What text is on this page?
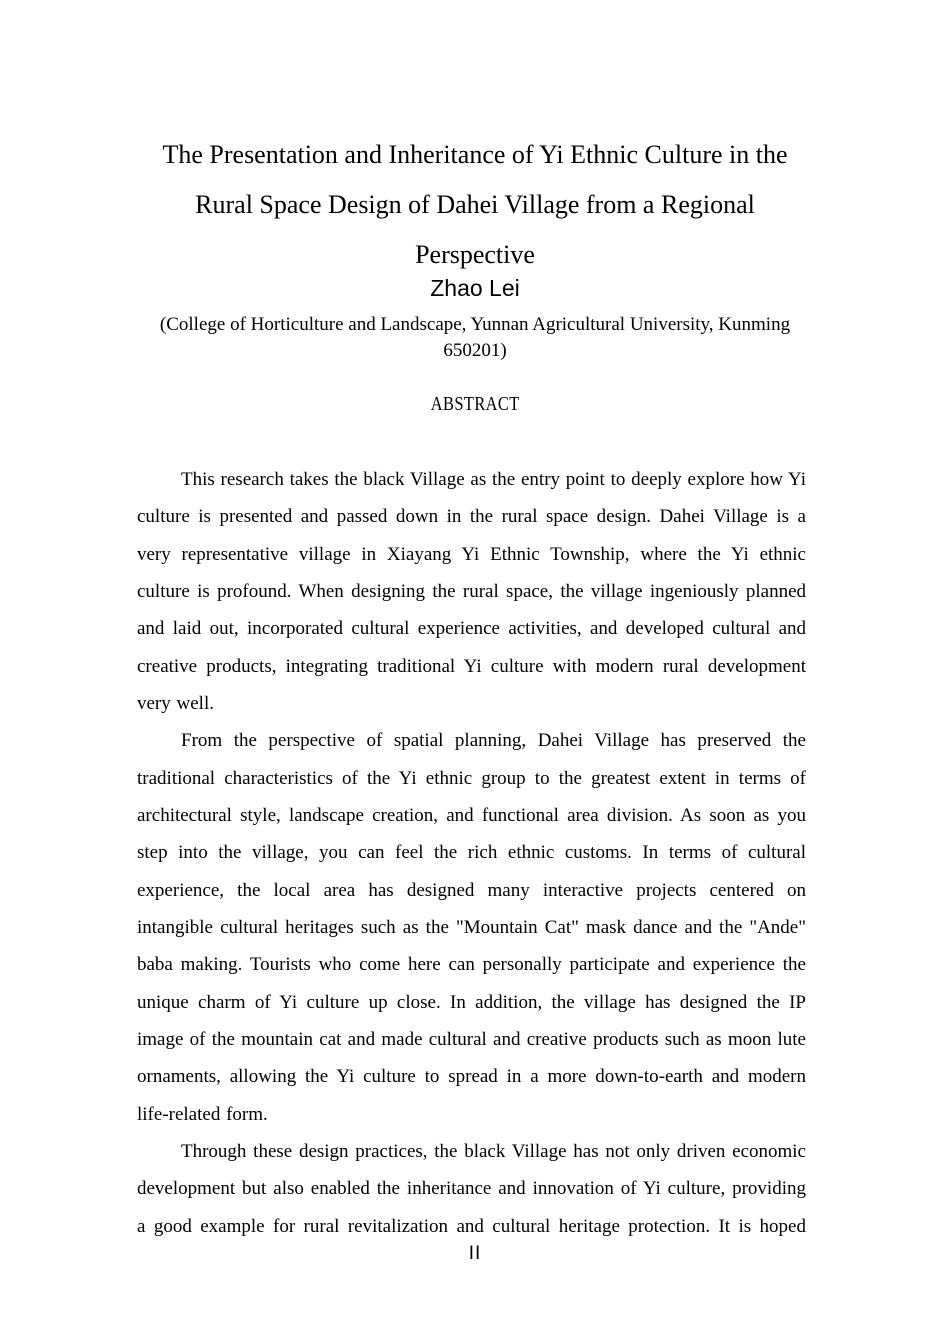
The Presentation and Inheritance of Yi Ethnic Culture in the
Rural Space Design of Dahei Village from a Regional
Perspective
Zhao Lei
(College of Horticulture and Landscape, Yunnan Agricultural University, Kunming
650201)
ABSTRACT

This research takes the black Village as the entry point to deeply explore how Yi culture is presented and passed down in the rural space design. Dahei Village is a very representative village in Xiayang Yi Ethnic Township, where the Yi ethnic culture is profound. When designing the rural space, the village ingeniously planned and laid out, incorporated cultural experience activities, and developed cultural and creative products, integrating traditional Yi culture with modern rural development very well.

From the perspective of spatial planning, Dahei Village has preserved the traditional characteristics of the Yi ethnic group to the greatest extent in terms of architectural style, landscape creation, and functional area division. As soon as you step into the village, you can feel the rich ethnic customs. In terms of cultural experience, the local area has designed many interactive projects centered on intangible cultural heritages such as the "Mountain Cat" mask dance and the "Ande" baba making. Tourists who come here can personally participate and experience the unique charm of Yi culture up close. In addition, the village has designed the IP image of the mountain cat and made cultural and creative products such as moon lute ornaments, allowing the Yi culture to spread in a more down-to-earth and modern life-related form.

Through these design practices, the black Village has not only driven economic development but also enabled the inheritance and innovation of Yi culture, providing a good example for rural revitalization and cultural heritage protection. It is hoped

II
